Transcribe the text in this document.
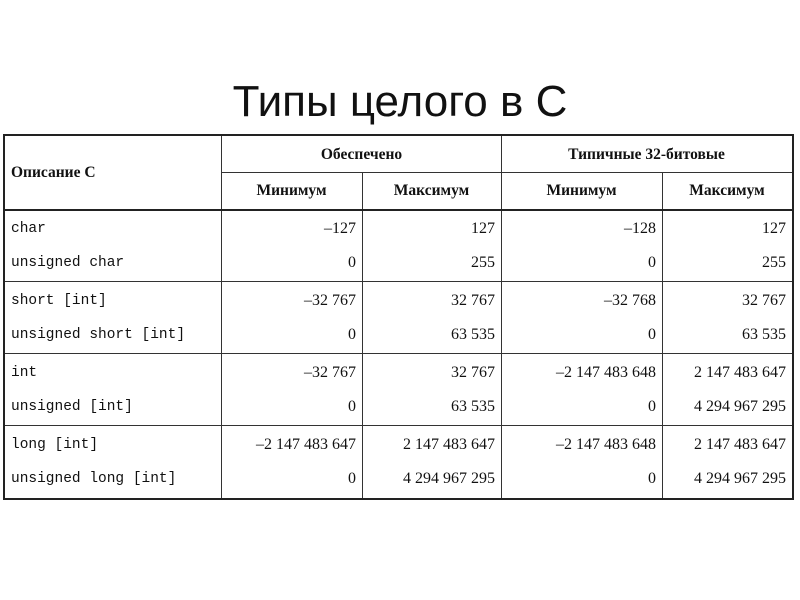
Типы целого в C
Описание C
Обеспечено	Типичные 32-битовые
Минимум	Максимум	Минимум	Максимум
char	–127	127	–128	127
unsigned char	0	255	0	255
short [int]	–32 767	32 767	–32 768	32 767
unsigned short [int]	0	63 535	0	63 535
int	–32 767	32 767	–2 147 483 648	2 147 483 647
unsigned [int]	0	63 535	0	4 294 967 295
long [int]	–2 147 483 647	2 147 483 647	–2 147 483 648	2 147 483 647
unsigned long [int]	0	4 294 967 295	0	4 294 967 295
